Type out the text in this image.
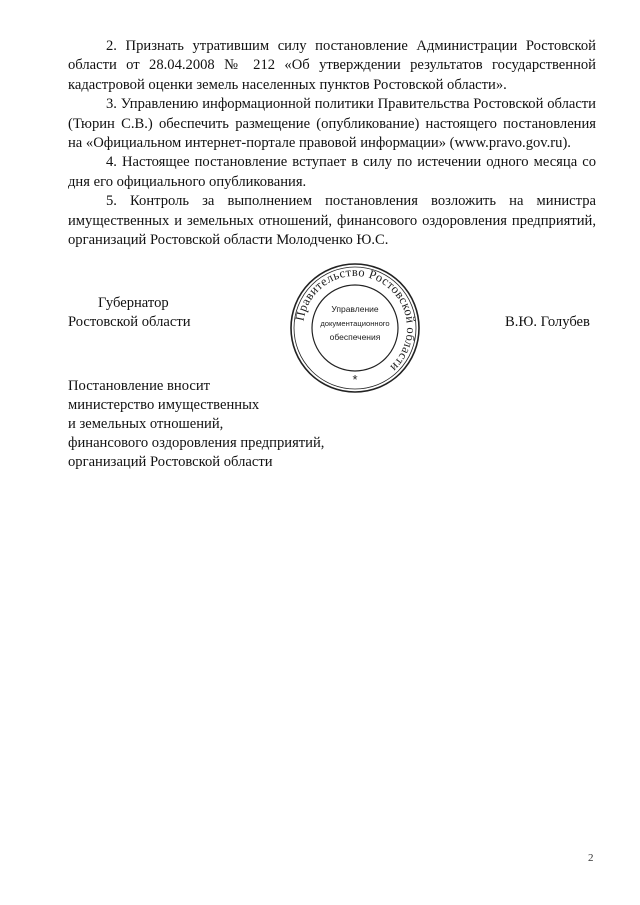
2. Признать утратившим силу постановление Администрации Ростовской области от 28.04.2008 № 212 «Об утверждении результатов государственной кадастровой оценки земель населенных пунктов Ростовской области».

3. Управлению информационной политики Правительства Ростовской области (Тюрин С.В.) обеспечить размещение (опубликование) настоящего постановления на «Официальном интернет-портале правовой информации» (www.pravo.gov.ru).

4. Настоящее постановление вступает в силу по истечении одного месяца со дня его официального опубликования.

5. Контроль за выполнением постановления возложить на министра имущественных и земельных отношений, финансового оздоровления предприятий, организаций Ростовской области Молодченко Ю.С.

Губернатор
Ростовской области	В.Ю. Голубев
Правительство Ростовской области
Управление
документационного
обеспечения
*
Постановление вносит
министерство имущественных
и земельных отношений,
финансового оздоровления предприятий,
организаций Ростовской области
2
